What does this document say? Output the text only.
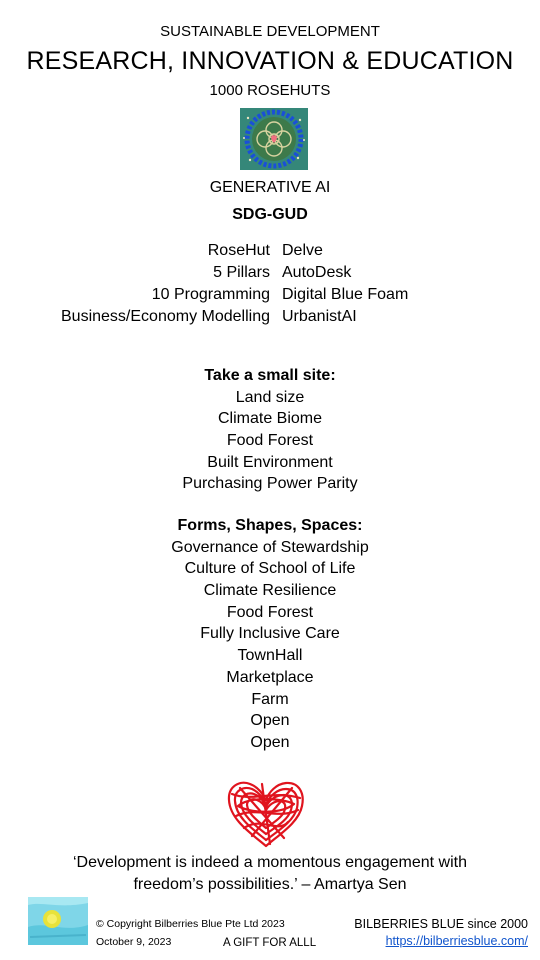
SUSTAINABLE DEVELOPMENT
RESEARCH, INNOVATION & EDUCATION
1000 ROSEHUTS
GENERATIVE AI
SDG-GUD
RoseHut Delve
5 Pillars AutoDesk
10 Programming Digital Blue Foam
Business/Economy Modelling UrbanistAI
Take a small site:
Land size
Climate Biome
Food Forest
Built Environment
Purchasing Power Parity
Forms, Shapes, Spaces:
Governance of Stewardship
Culture of School of Life
Climate Resilience
Food Forest
Fully Inclusive Care
TownHall
Marketplace
Farm
Open
Open
‘Development is indeed a momentous engagement with
freedom’s possibilities.’ – Amartya Sen
© Copyright Bilberries Blue Pte Ltd 2023
October 9, 2023	A GIFT FOR ALLL
BILBERRIES BLUE since 2000
https://bilberriesblue.com/
